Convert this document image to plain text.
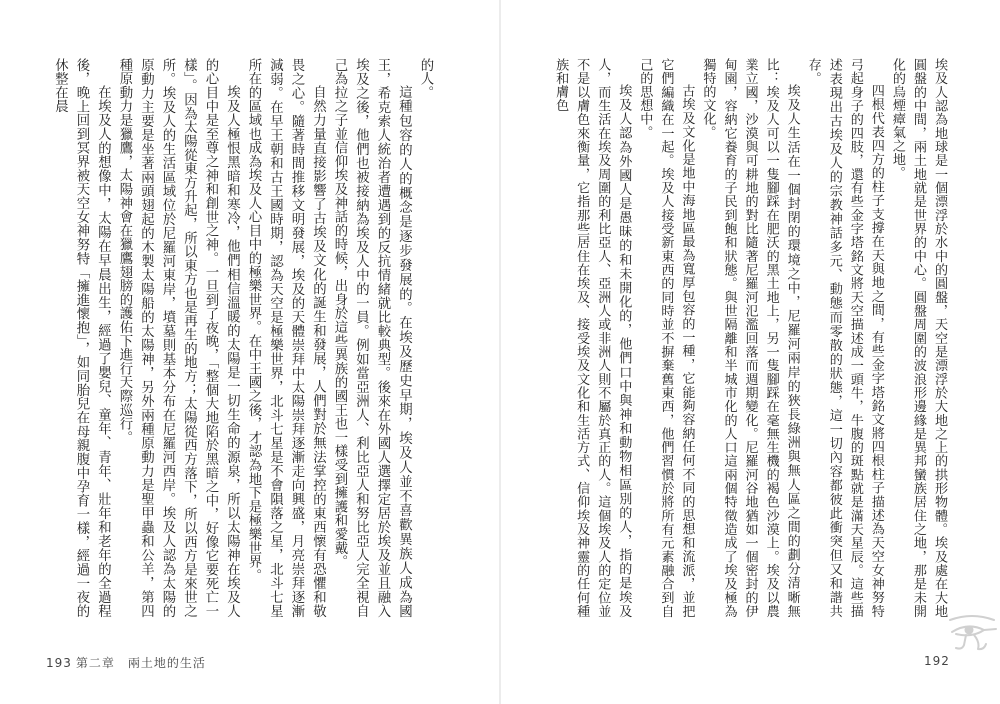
的人。

這種包容的人的概念是逐步發展的。在埃及歷史早期，埃及人並不喜歡異族人成為國王，希克索人統治者遭遇到的反抗情緒就比較典型。後來在外國人選擇定居於埃及並且融入埃及之後，他們也被接納為埃及人中的一員。例如當亞洲人、利比亞人和努比亞人完全視自己為拉之子並信仰埃及神話的時候，出身於這些異族的國王也一樣受到擁護和愛戴。

自然力量直接影響了古埃及文化的誕生和發展，人們對於無法掌控的東西懷有恐懼和敬畏之心。隨著時間推移文明發展，埃及的天體崇拜中太陽崇拜逐漸走向興盛，月亮崇拜逐漸減弱。在早王朝和古王國時期，認為天空是極樂世界，北斗七星是不會隕落之星，北斗七星所在的區域也成為埃及人心目中的極樂世界。在中王國之後，才認為地下是極樂世界。

埃及人極恨黑暗和寒冷，他們相信溫暖的太陽是一切生命的源泉，所以太陽神在埃及人的心目中是至尊之神和創世之神。一旦到了夜晚，「整個大地陷於黑暗之中，好像它要死亡一樣」。因為太陽從東方升起，所以東方也是再生的地方；太陽從西方落下，所以西方是來世之所。埃及人的生活區域位於尼羅河東岸，墳墓則基本分布在尼羅河西岸。埃及人認為太陽的原動力主要是坐著兩頭翅起的木製太陽船的太陽神，另外兩種原動力是聖甲蟲和公羊，第四種原動力是獵鷹，太陽神會在獵鷹翅膀的護佑下進行天際巡行。

在埃及人的想像中，太陽在早晨出生，經過了嬰兒、童年、青年、壯年和老年的全過程後，晚上回到冥界被天空女神努特「擁進懷抱」，如同胎兒在母親腹中孕育一樣，經過一夜的休整在晨

193 第二章　兩土地的生活

埃及人認為地球是一個漂浮於水中的圓盤，天空是漂浮於大地之上的拱形物體。埃及處在大地圓盤的中間，兩土地就是世界的中心。圓盤周圍的波浪形邊緣是異邦蠻族居住之地，那是未開化的烏煙瘴氣之地。

四根代表四方的柱子支撐在天與地之間，有些金字塔銘文將四根柱子描述為天空女神努特弓起身子的四肢，還有些金字塔銘文將天空描述成一頭牛，牛腹的斑點就是滿天星辰。這些描述表現出古埃及人的宗教神話多元、動態而零散的狀態，這一切內容都彼此衝突但又和諧共存。

埃及人生活在一個封閉的環境之中，尼羅河兩岸的狹長綠洲與無人區之間的劃分清晰無比：埃及人可以一隻腳踩在肥沃的黑土地上，另一隻腳踩在毫無生機的褐色沙漠上。埃及以農業立國，沙漠與可耕地的對比隨著尼羅河氾濫回落而週期變化。尼羅河谷地猶如一個密封的伊甸園，容納它養育的子民到飽和狀態。與世隔離和半城市化的人口這兩個特徵造成了埃及極為獨特的文化。

古埃及文化是地中海地區最為寬厚包容的一種，它能夠容納任何不同的思想和流派，並把它們編織在一起。埃及人接受新東西的同時並不摒棄舊東西，他們習慣於將所有元素融合到自己的思想中。

埃及人認為外國人是愚昧的和未開化的，他們口中與神和動物相區別的人，指的是埃及人，而生活在埃及周圍的利比亞人、亞洲人或非洲人則不屬於真正的人。這個埃及人的定位並不是以膚色來衡量，它指那些居住在埃及、接受埃及文化和生活方式、信仰埃及神靈的任何種族和膚色

192
